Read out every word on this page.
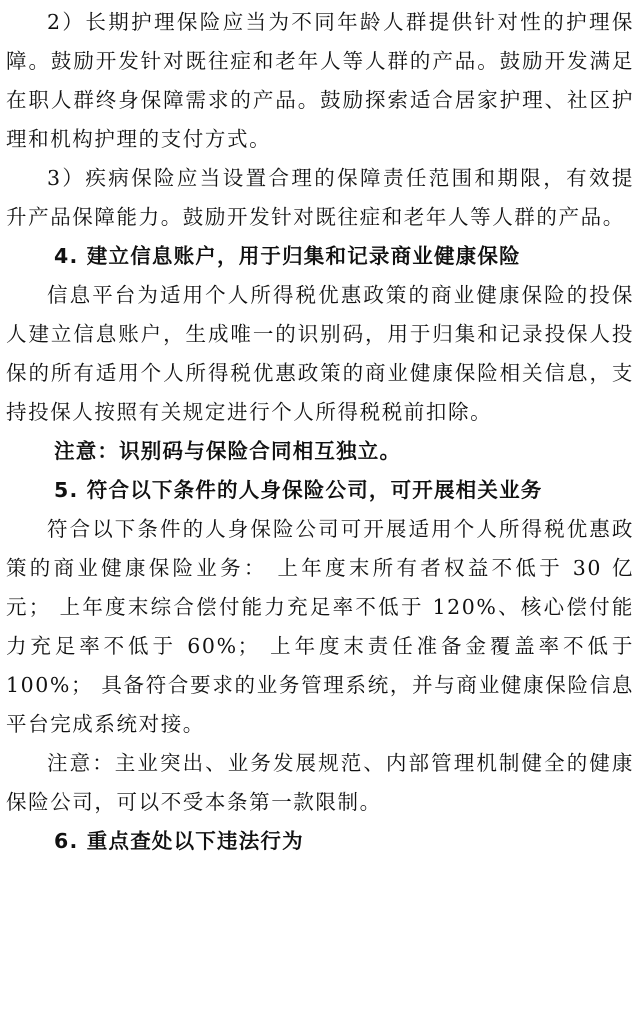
2）长期护理保险应当为不同年龄人群提供针对性的护理保障。鼓励开发针对既往症和老年人等人群的产品。鼓励开发满足在职人群终身保障需求的产品。鼓励探索适合居家护理、社区护理和机构护理的支付方式。

3）疾病保险应当设置合理的保障责任范围和期限，有效提升产品保障能力。鼓励开发针对既往症和老年人等人群的产品。

4. 建立信息账户，用于归集和记录商业健康保险

信息平台为适用个人所得税优惠政策的商业健康保险的投保人建立信息账户，生成唯一的识别码，用于归集和记录投保人投保的所有适用个人所得税优惠政策的商业健康保险相关信息，支持投保人按照有关规定进行个人所得税税前扣除。

注意：识别码与保险合同相互独立。

5. 符合以下条件的人身保险公司，可开展相关业务

符合以下条件的人身保险公司可开展适用个人所得税优惠政策的商业健康保险业务： 上年度末所有者权益不低于 30 亿元； 上年度末综合偿付能力充足率不低于 120%、核心偿付能力充足率不低于 60%； 上年度末责任准备金覆盖率不低于 100%； 具备符合要求的业务管理系统，并与商业健康保险信息平台完成系统对接。

注意：主业突出、业务发展规范、内部管理机制健全的健康保险公司，可以不受本条第一款限制。

6. 重点查处以下违法行为
